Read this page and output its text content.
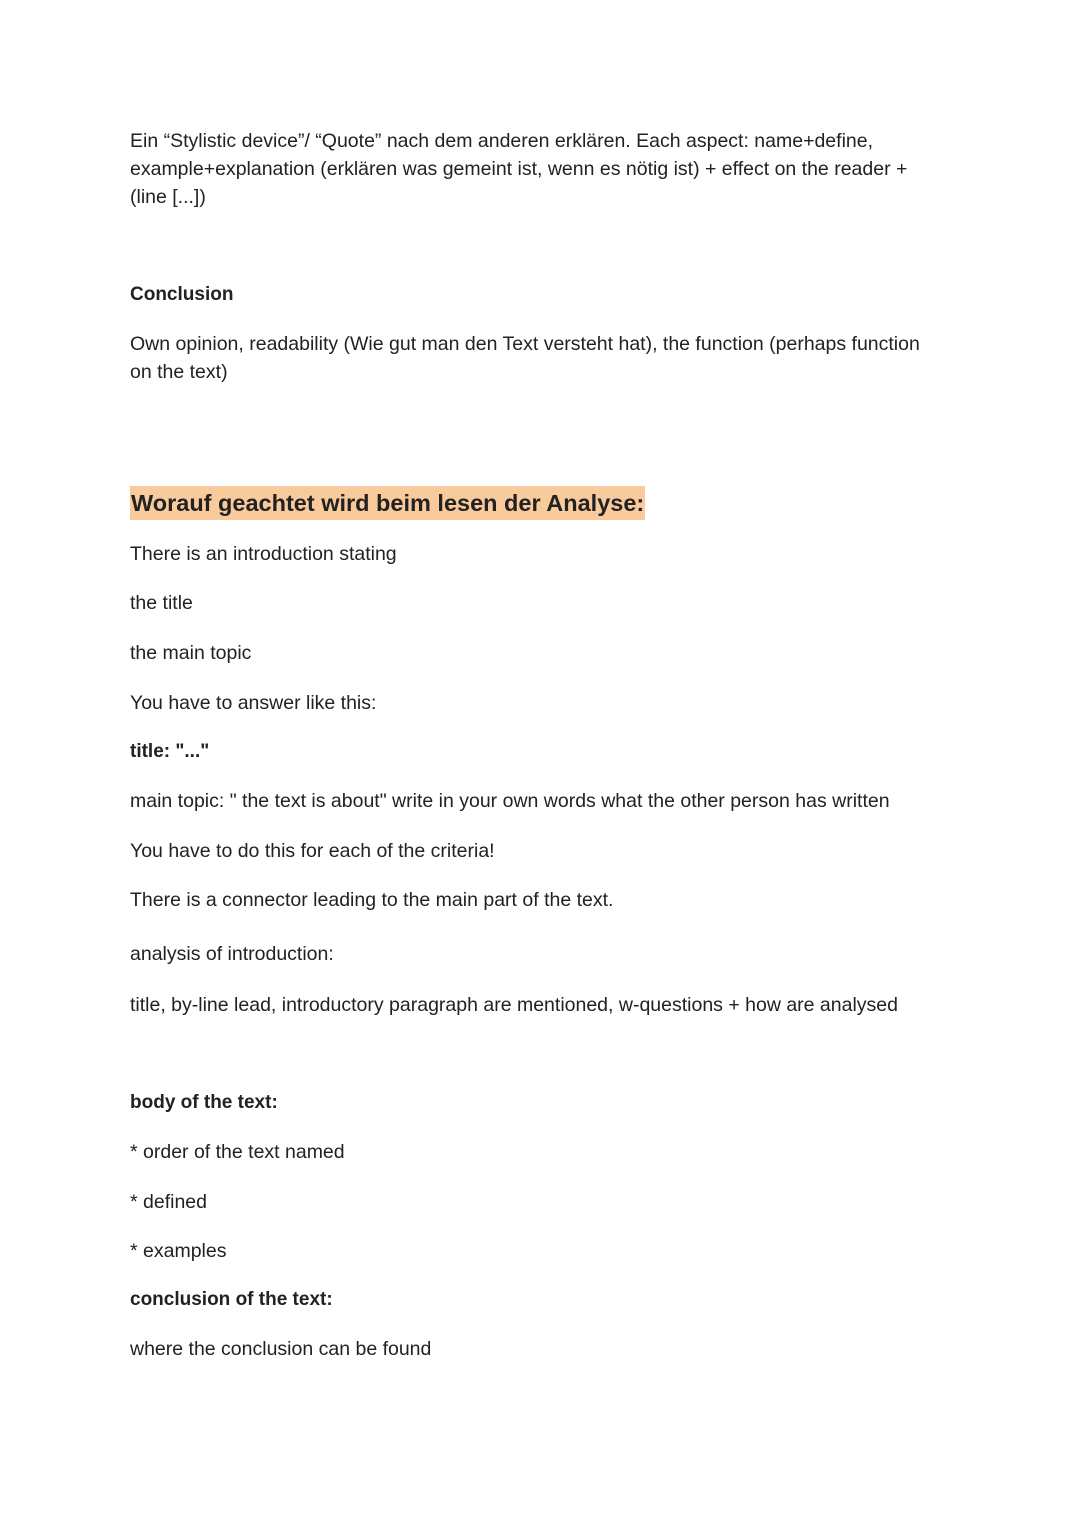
Ein “Stylistic device”/ “Quote” nach dem anderen erklären. Each aspect: name+define,

example+explanation (erklären was gemeint ist, wenn es nötig ist) + effect on the reader +

(line [...])

Conclusion

Own opinion, readability (Wie gut man den Text versteht hat), the function (perhaps function

on the text)

Worauf geachtet wird beim lesen der Analyse:

There is an introduction stating

the title

the main topic

You have to answer like this:

title: "..."

main topic: " the text is about" write in your own words what the other person has written

You have to do this for each of the criteria!

There is a connector leading to the main part of the text.

analysis of introduction:

title, by-line lead, introductory paragraph are mentioned, w-questions + how are analysed

body of the text:

* order of the text named

* defined

* examples

conclusion of the text:

where the conclusion can be found
